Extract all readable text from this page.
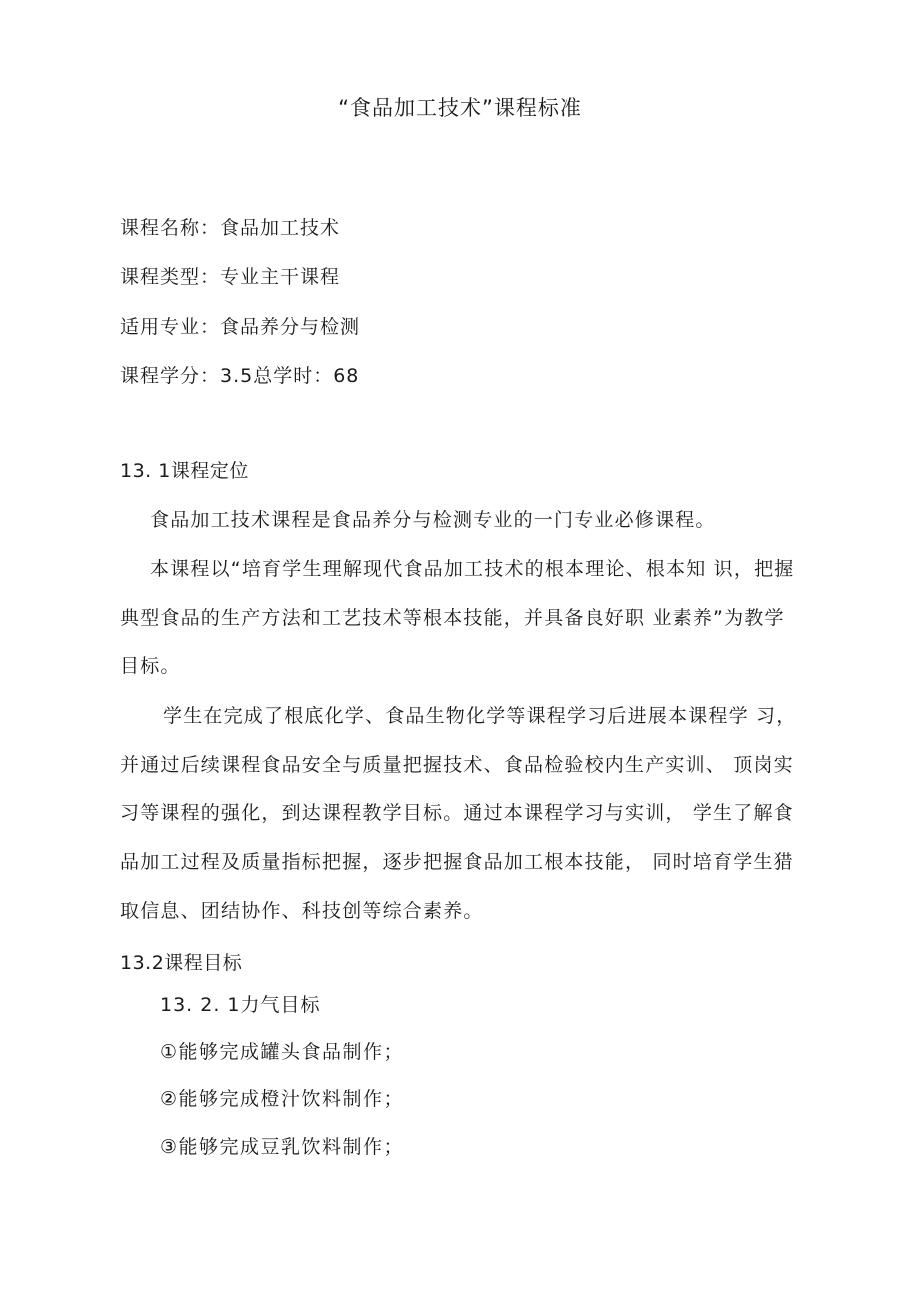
“食品加工技术”课程标准
课程名称：食品加工技术
课程类型：专业主干课程
适用专业：食品养分与检测
课程学分：3.5总学时：68
13. 1课程定位
食品加工技术课程是食品养分与检测专业的一门专业必修课程。
本课程以“培育学生理解现代食品加工技术的根本理论、根本知 识，把握
典型食品的生产方法和工艺技术等根本技能，并具备良好职 业素养”为教学
目标。
学生在完成了根底化学、食品生物化学等课程学习后进展本课程学 习，
并通过后续课程食品安全与质量把握技术、食品检验校内生产实训、 顶岗实
习等课程的强化，到达课程教学目标。通过本课程学习与实训， 学生了解食
品加工过程及质量指标把握，逐步把握食品加工根本技能， 同时培育学生猎
取信息、团结协作、科技创等综合素养。
13.2课程目标
13. 2. 1力气目标
①能够完成罐头食品制作；
②能够完成橙汁饮料制作；
③能够完成豆乳饮料制作；
